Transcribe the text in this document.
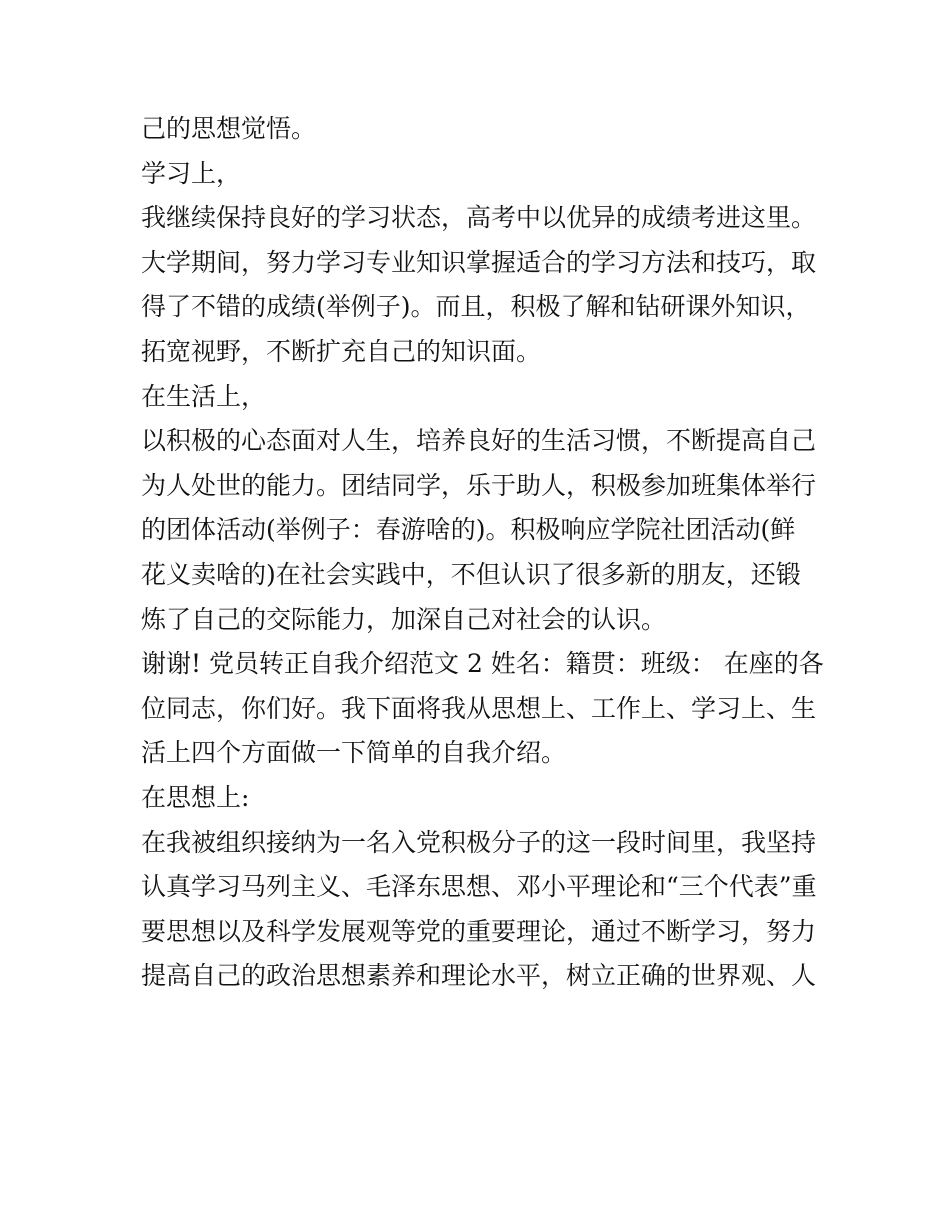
己的思想觉悟。
学习上，
我继续保持良好的学习状态，高考中以优异的成绩考进这里。
大学期间，努力学习专业知识掌握适合的学习方法和技巧，取
得了不错的成绩(举例子)。而且，积极了解和钻研课外知识，
拓宽视野，不断扩充自己的知识面。
在生活上，
以积极的心态面对人生，培养良好的生活习惯，不断提高自己
为人处世的能力。团结同学，乐于助人，积极参加班集体举行
的团体活动(举例子：春游啥的)。积极响应学院社团活动(鲜
花义卖啥的)在社会实践中，不但认识了很多新的朋友，还锻
炼了自己的交际能力，加深自己对社会的认识。
谢谢! 党员转正自我介绍范文 2 姓名：籍贯：班级： 在座的各
位同志，你们好。我下面将我从思想上、工作上、学习上、生
活上四个方面做一下简单的自我介绍。
在思想上:
在我被组织接纳为一名入党积极分子的这一段时间里，我坚持
认真学习马列主义、毛泽东思想、邓小平理论和“三个代表”重
要思想以及科学发展观等党的重要理论，通过不断学习，努力
提高自己的政治思想素养和理论水平，树立正确的世界观、人
